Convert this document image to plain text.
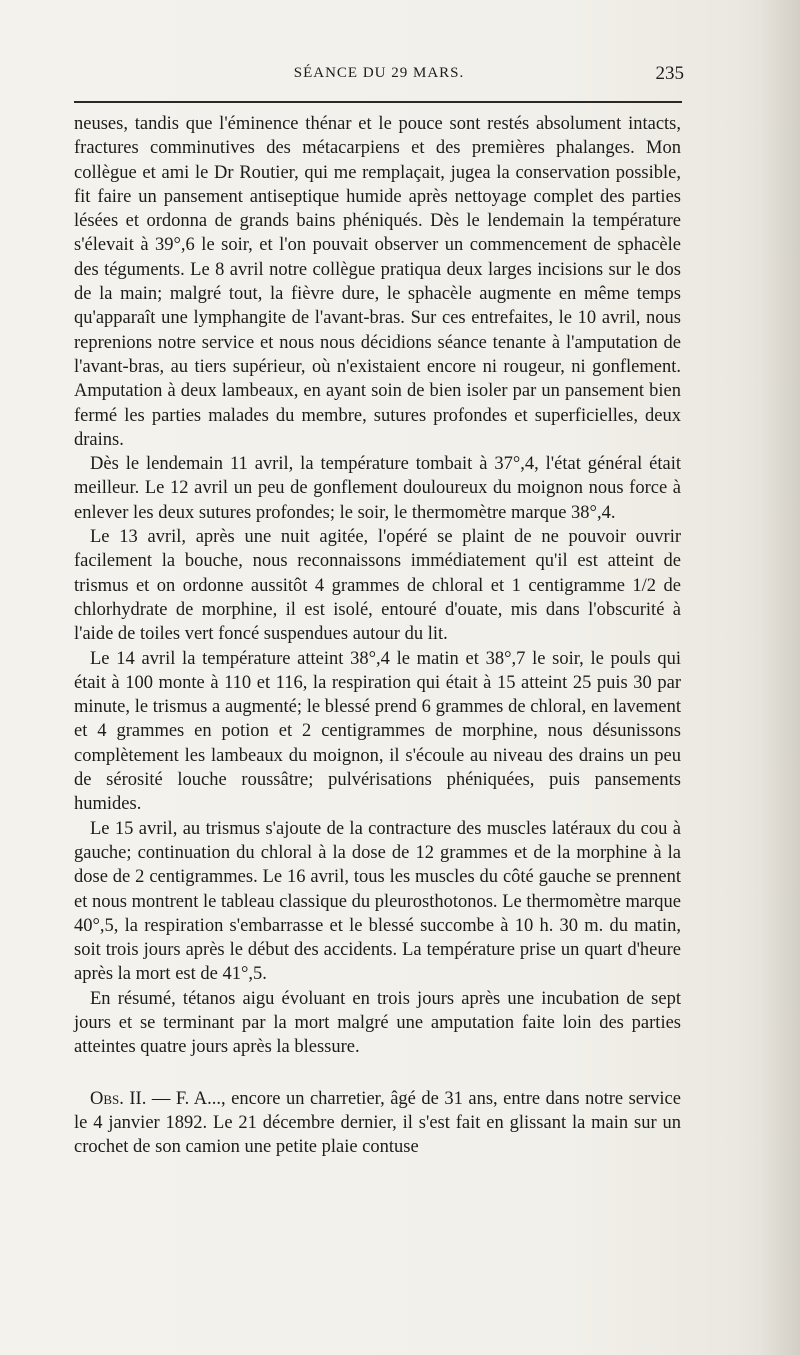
SÉANCE DU 29 MARS.	235

neuses, tandis que l'éminence thénar et le pouce sont restés absolument intacts, fractures comminutives des métacarpiens et des premières phalanges. Mon collègue et ami le Dr Routier, qui me remplaçait, jugea la conservation possible, fit faire un pansement antiseptique humide après nettoyage complet des parties lésées et ordonna de grands bains phéniqués. Dès le lendemain la température s'élevait à 39°,6 le soir, et l'on pouvait observer un commencement de sphacèle des téguments. Le 8 avril notre collègue pratiqua deux larges incisions sur le dos de la main; malgré tout, la fièvre dure, le sphacèle augmente en même temps qu'apparaît une lymphangite de l'avant-bras. Sur ces entrefaites, le 10 avril, nous reprenions notre service et nous nous décidions séance tenante à l'amputation de l'avant-bras, au tiers supérieur, où n'existaient encore ni rougeur, ni gonflement. Amputation à deux lambeaux, en ayant soin de bien isoler par un pansement bien fermé les parties malades du membre, sutures profondes et superficielles, deux drains.

Dès le lendemain 11 avril, la température tombait à 37°,4, l'état général était meilleur. Le 12 avril un peu de gonflement douloureux du moignon nous force à enlever les deux sutures profondes; le soir, le thermomètre marque 38°,4.

Le 13 avril, après une nuit agitée, l'opéré se plaint de ne pouvoir ouvrir facilement la bouche, nous reconnaissons immédiatement qu'il est atteint de trismus et on ordonne aussitôt 4 grammes de chloral et 1 centigramme 1/2 de chlorhydrate de morphine, il est isolé, entouré d'ouate, mis dans l'obscurité à l'aide de toiles vert foncé suspendues autour du lit.

Le 14 avril la température atteint 38°,4 le matin et 38°,7 le soir, le pouls qui était à 100 monte à 110 et 116, la respiration qui était à 15 atteint 25 puis 30 par minute, le trismus a augmenté; le blessé prend 6 grammes de chloral, en lavement et 4 grammes en potion et 2 centigrammes de morphine, nous désunissons complètement les lambeaux du moignon, il s'écoule au niveau des drains un peu de sérosité louche roussâtre; pulvérisations phéniquées, puis pansements humides.

Le 15 avril, au trismus s'ajoute de la contracture des muscles latéraux du cou à gauche; continuation du chloral à la dose de 12 grammes et de la morphine à la dose de 2 centigrammes. Le 16 avril, tous les muscles du côté gauche se prennent et nous montrent le tableau classique du pleurosthotonos. Le thermomètre marque 40°,5, la respiration s'embarrasse et le blessé succombe à 10 h. 30 m. du matin, soit trois jours après le début des accidents. La température prise un quart d'heure après la mort est de 41°,5.

En résumé, tétanos aigu évoluant en trois jours après une incubation de sept jours et se terminant par la mort malgré une amputation faite loin des parties atteintes quatre jours après la blessure.

Obs. II. — F. A..., encore un charretier, âgé de 31 ans, entre dans notre service le 4 janvier 1892. Le 21 décembre dernier, il s'est fait en glissant la main sur un crochet de son camion une petite plaie contuse
